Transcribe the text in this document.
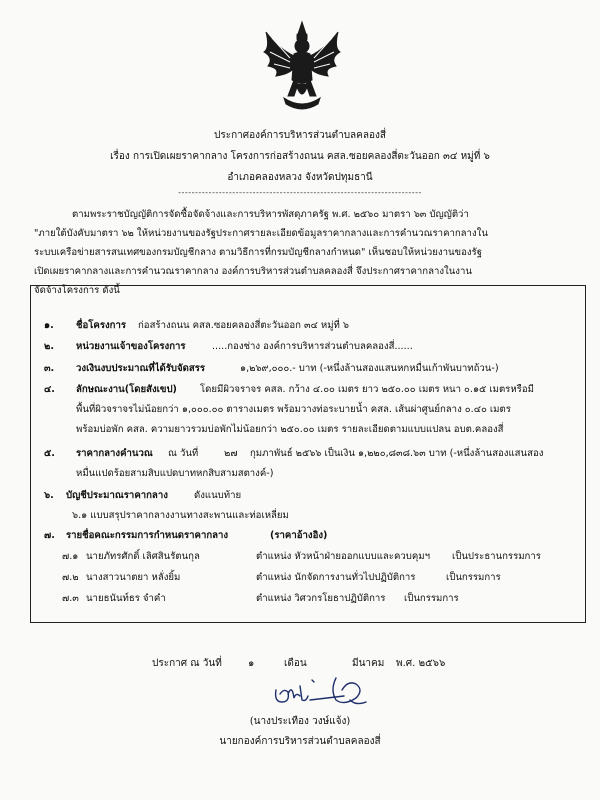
ประกาศองค์การบริหารส่วนตำบลคลองสี่
เรื่อง การเปิดเผยราคากลาง โครงการก่อสร้างถนน คสล.ซอยคลองสี่ตะวันออก ๓๔ หมู่ที่ ๖
อำเภอคลองหลวง จังหวัดปทุมธานี
------------------------------------------------------------------------
ตามพระราชบัญญัติการจัดซื้อจัดจ้างและการบริหารพัสดุภาครัฐ พ.ศ. ๒๕๖๐ มาตรา ๖๓ บัญญัติว่า
"ภายใต้บังคับมาตรา ๖๒ ให้หน่วยงานของรัฐประกาศรายละเอียดข้อมูลราคากลางและการคำนวณราคากลางใน
ระบบเครือข่ายสารสนเทศของกรมบัญชีกลาง ตามวิธีการที่กรมบัญชีกลางกำหนด" เห็นชอบให้หน่วยงานของรัฐ
เปิดเผยราคากลางและการคำนวณราคากลาง องค์การบริหารส่วนตำบลคลองสี่ จึงประกาศราคากลางในงาน
จัดจ้างโครงการ ดังนี้
๑. ชื่อโครงการ ก่อสร้างถนน คสล.ซอยคลองสี่ตะวันออก ๓๔ หมู่ที่ ๖
๒. หน่วยงานเจ้าของโครงการ	.....กองช่าง องค์การบริหารส่วนตำบลคลองสี่......
๓. วงเงินงบประมาณที่ได้รับจัดสรร	๑,๒๖๙,๐๐๐.- บาท (-หนึ่งล้านสองแสนหกหมื่นเก้าพันบาทถ้วน-)
๔. ลักษณะงาน(โดยสังเขป) โดยมีผิวจราจร คสล. กว้าง ๔.๐๐ เมตร ยาว ๒๕๐.๐๐ เมตร หนา ๐.๑๕ เมตรหรือมี
พื้นที่ผิวจราจรไม่น้อยกว่า ๑,๐๐๐.๐๐ ตารางเมตร พร้อมวางท่อระบายน้ำ คสล. เส้นผ่าศูนย์กลาง ๐.๔๐ เมตร
พร้อมบ่อพัก คสล. ความยาวรวมบ่อพักไม่น้อยกว่า ๒๕๐.๐๐ เมตร รายละเอียดตามแบบแปลน อบต.คลองสี่
๕. ราคากลางคำนวณ ณ วันที่	๒๗ กุมภาพันธ์ ๒๕๖๖ เป็นเงิน ๑,๒๒๐,๘๓๘.๖๓ บาท (-หนึ่งล้านสองแสนสอง
หมื่นแปดร้อยสามสิบแปดบาทหกสิบสามสตางค์-)
๖. บัญชีประมาณราคากลาง	ดังแนบท้าย
๖.๑ แบบสรุปราคากลางงานทางสะพานและท่อเหลี่ยม
๗. รายชื่อคณะกรรมการกำหนดราคากลาง	(ราคาอ้างอิง)
๗.๑ นายภัทรศักดิ์ เลิศสินรัตนกุล	ตำแหน่ง หัวหน้าฝ่ายออกแบบและควบคุมฯ เป็นประธานกรรมการ
๗.๒ นางสาวนาตยา หลั่งยิ้ม	ตำแหน่ง นักจัดการงานทั่วไปปฏิบัติการ	เป็นกรรมการ
๗.๓ นายธนันท์ธร จำคำ	ตำแหน่ง วิศวกรโยธาปฏิบัติการ เป็นกรรมการ
ประกาศ ณ วันที่	๑	เดือน	มีนาคม พ.ศ. ๒๕๖๖
(นางประเทือง วงษ์แจ้ง)
นายกองค์การบริหารส่วนตำบลคลองสี่
